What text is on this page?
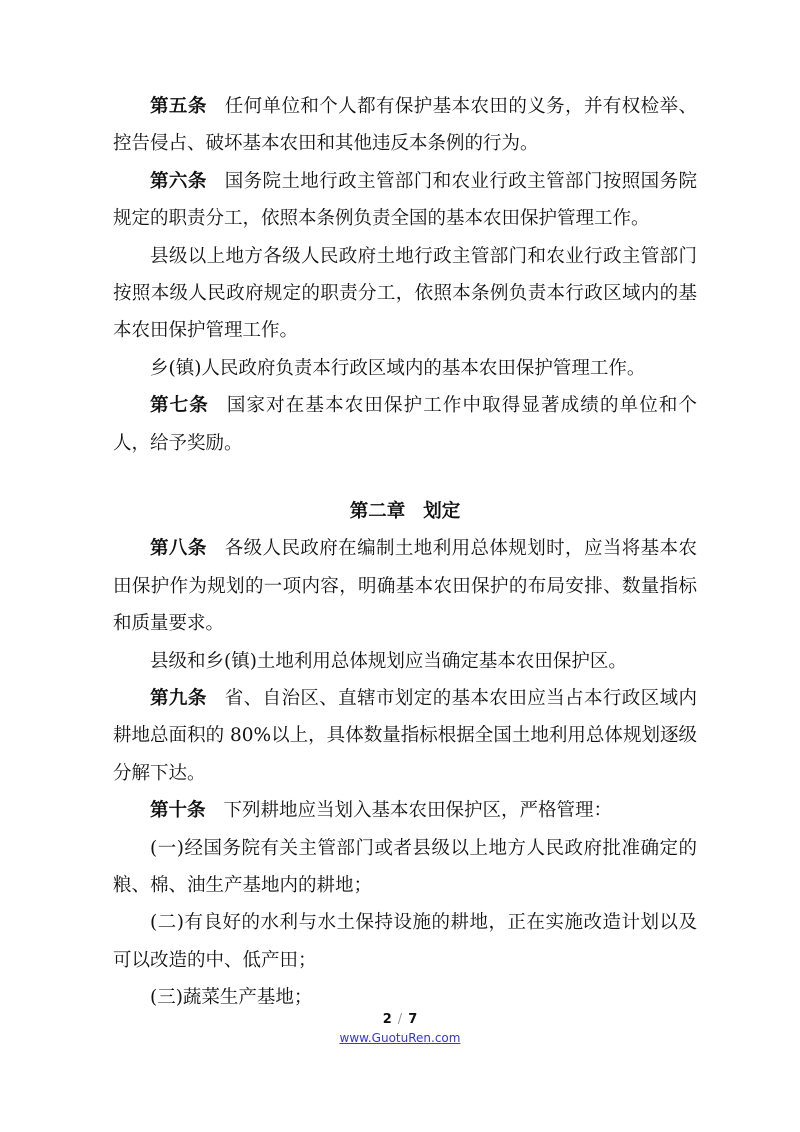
第五条 任何单位和个人都有保护基本农田的义务，并有权检举、
控告侵占、破坏基本农田和其他违反本条例的行为。
第六条 国务院土地行政主管部门和农业行政主管部门按照国务院
规定的职责分工，依照本条例负责全国的基本农田保护管理工作。
县级以上地方各级人民政府土地行政主管部门和农业行政主管部门
按照本级人民政府规定的职责分工，依照本条例负责本行政区域内的基
本农田保护管理工作。
乡(镇)人民政府负责本行政区域内的基本农田保护管理工作。
第七条 国家对在基本农田保护工作中取得显著成绩的单位和个
人，给予奖励。
第二章 划定
第八条 各级人民政府在编制土地利用总体规划时，应当将基本农
田保护作为规划的一项内容，明确基本农田保护的布局安排、数量指标
和质量要求。
县级和乡(镇)土地利用总体规划应当确定基本农田保护区。
第九条 省、自治区、直辖市划定的基本农田应当占本行政区域内
耕地总面积的 80%以上，具体数量指标根据全国土地利用总体规划逐级
分解下达。
第十条 下列耕地应当划入基本农田保护区，严格管理：
(一)经国务院有关主管部门或者县级以上地方人民政府批准确定的
粮、棉、油生产基地内的耕地；
(二)有良好的水利与水土保持设施的耕地，正在实施改造计划以及
可以改造的中、低产田；
(三)蔬菜生产基地；
2 / 7
www.GuotuRen.com
